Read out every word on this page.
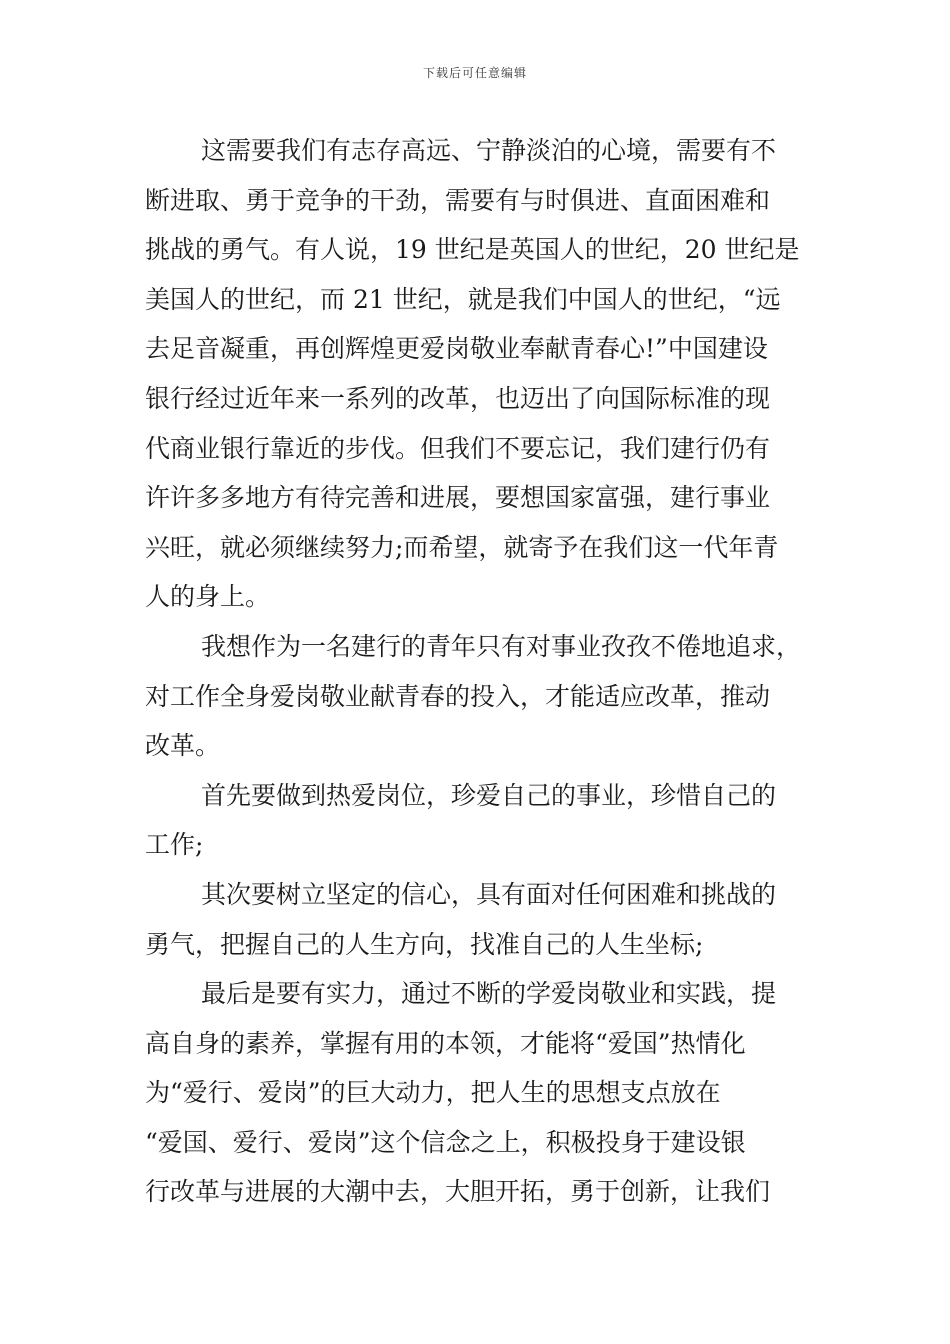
下载后可任意编辑
这需要我们有志存高远、宁静淡泊的心境，需要有不
断进取、勇于竞争的干劲，需要有与时俱进、直面困难和
挑战的勇气。有人说，19 世纪是英国人的世纪，20 世纪是
美国人的世纪，而 21 世纪，就是我们中国人的世纪，“远
去足音凝重，再创辉煌更爱岗敬业奉献青春心!”中国建设
银行经过近年来一系列的改革，也迈出了向国际标准的现
代商业银行靠近的步伐。但我们不要忘记，我们建行仍有
许许多多地方有待完善和进展，要想国家富强，建行事业
兴旺，就必须继续努力;而希望，就寄予在我们这一代年青
人的身上。
我想作为一名建行的青年只有对事业孜孜不倦地追求，
对工作全身爱岗敬业献青春的投入，才能适应改革，推动
改革。
首先要做到热爱岗位，珍爱自己的事业，珍惜自己的
工作;
其次要树立坚定的信心，具有面对任何困难和挑战的
勇气，把握自己的人生方向，找准自己的人生坐标;
最后是要有实力，通过不断的学爱岗敬业和实践，提
高自身的素养，掌握有用的本领，才能将“爱国”热情化
为“爱行、爱岗”的巨大动力，把人生的思想支点放在
“爱国、爱行、爱岗”这个信念之上，积极投身于建设银
行改革与进展的大潮中去，大胆开拓，勇于创新，让我们
